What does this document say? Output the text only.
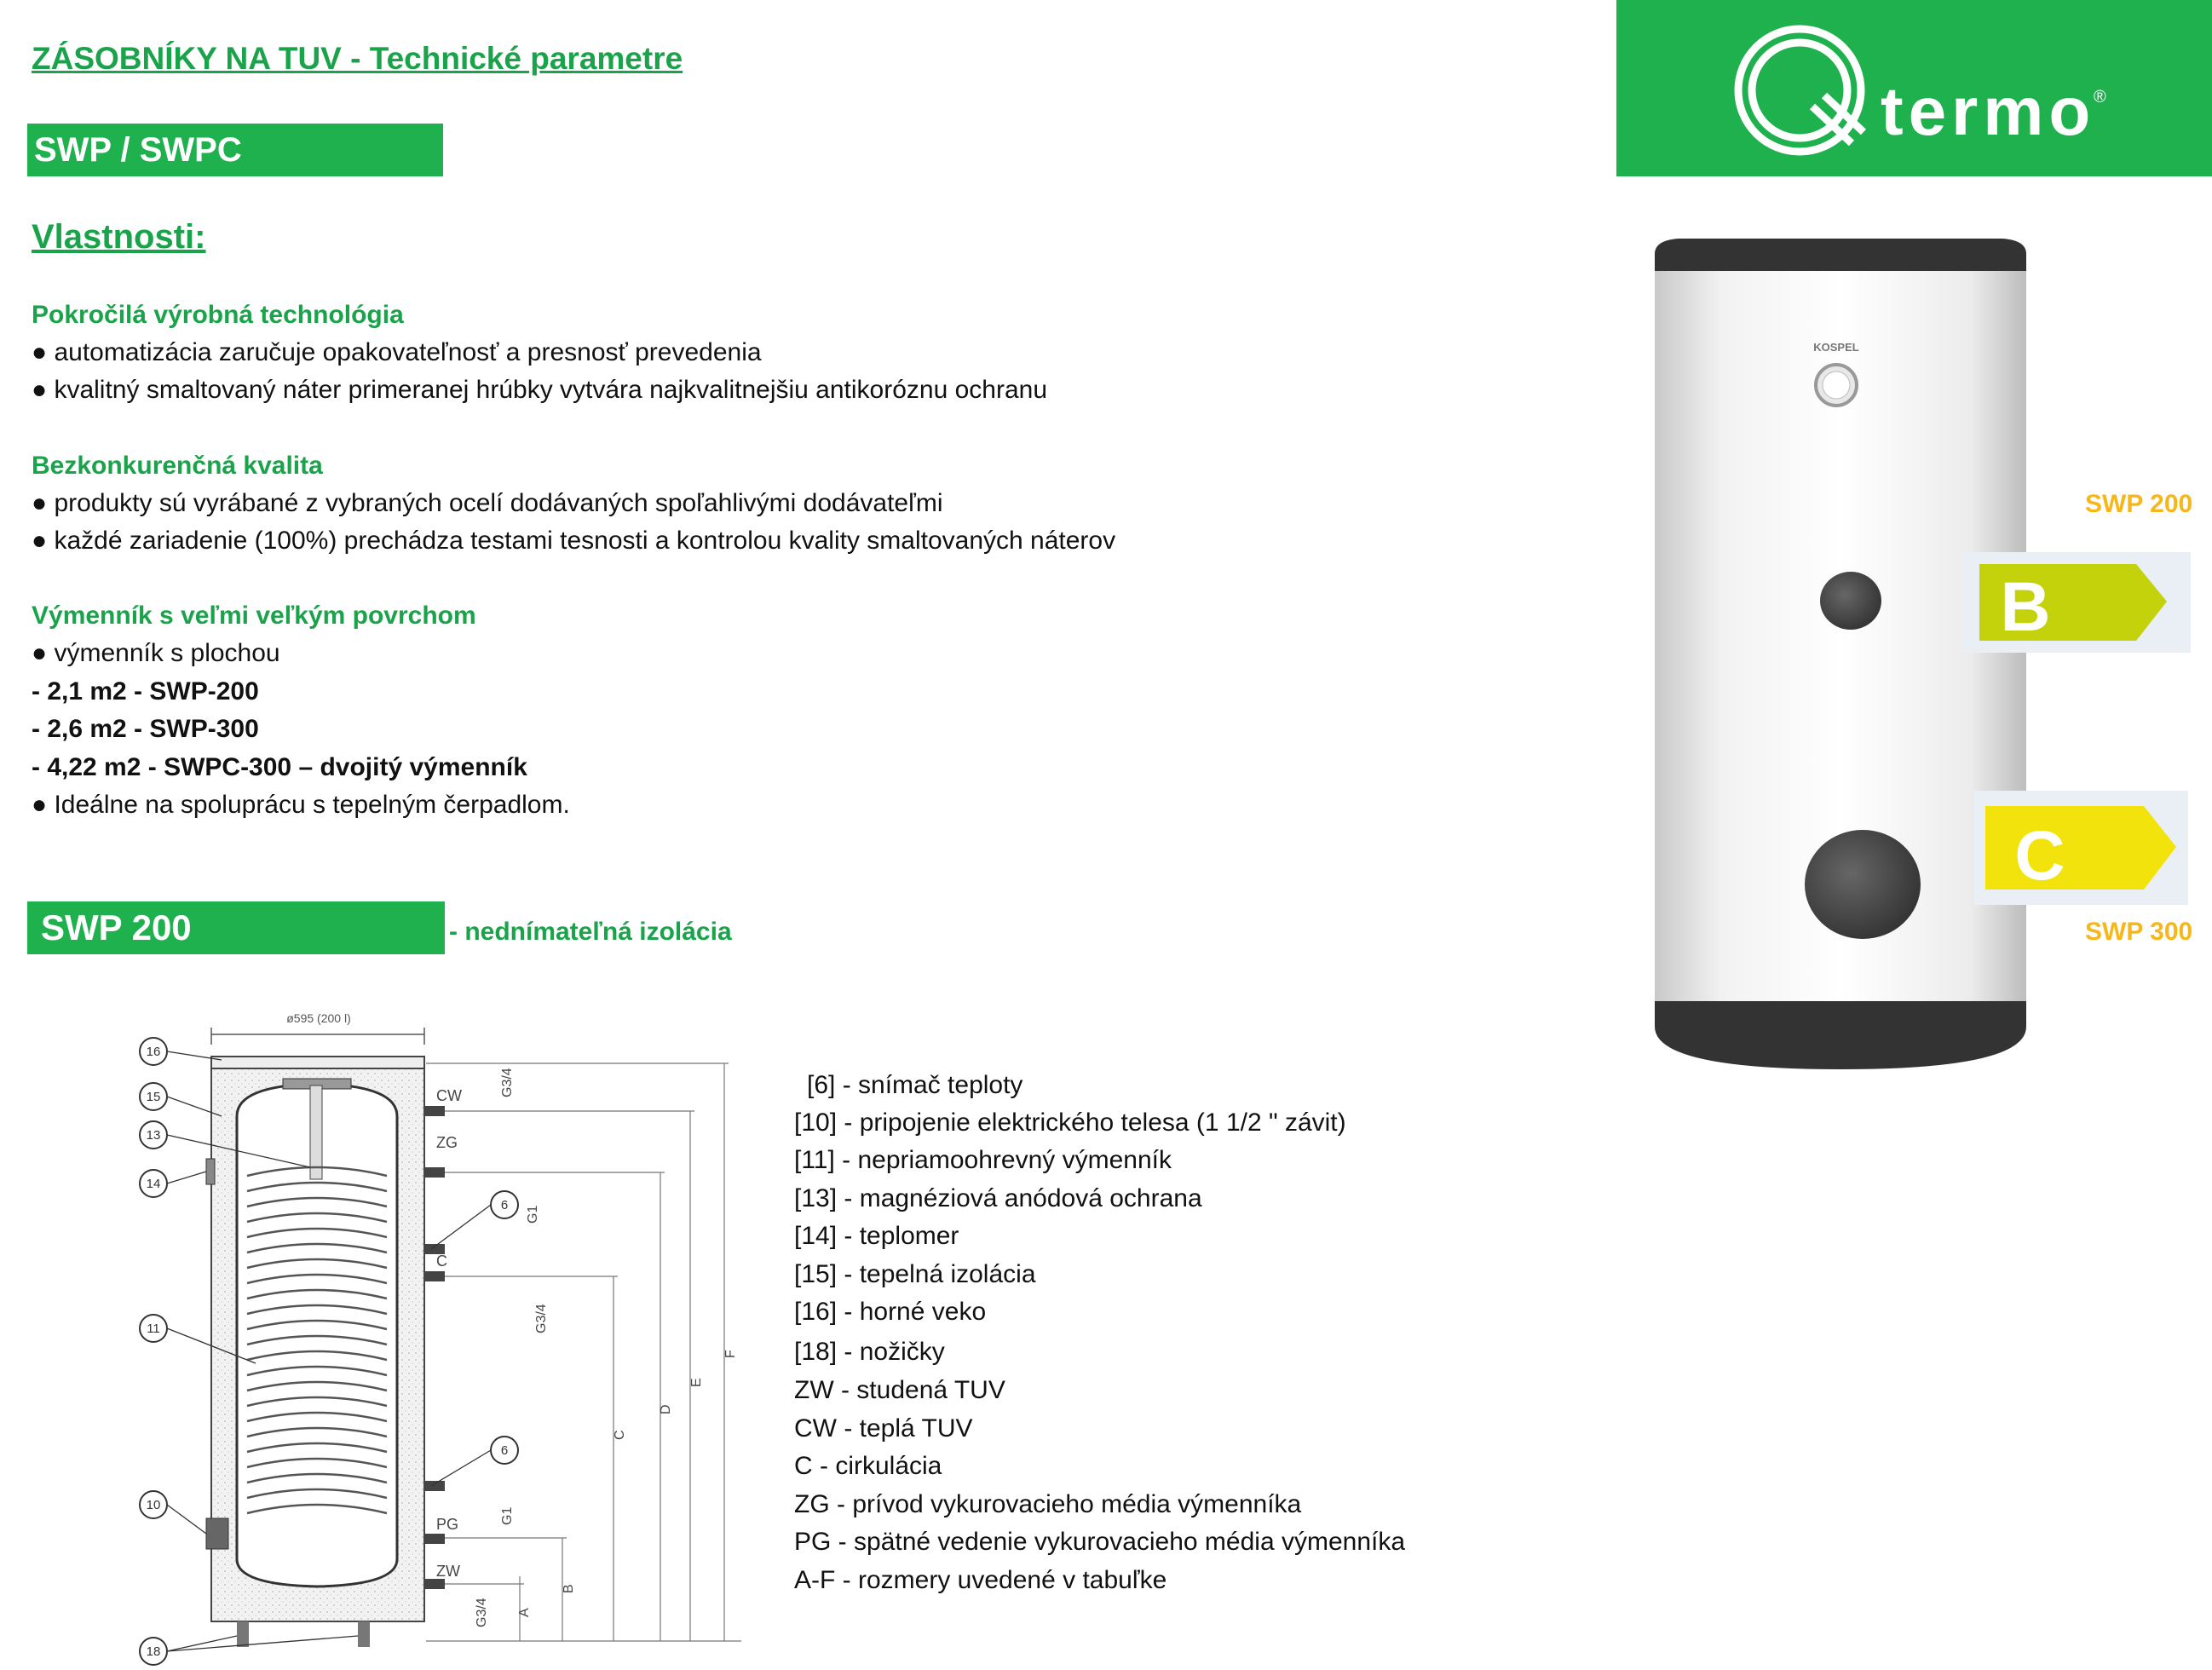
ZÁSOBNÍKY NA TUV - Technické parametre
SWP / SWPC
Vlastnosti:
Pokročilá výrobná technológia
● automatizácia zaručuje opakovateľnosť a presnosť prevedenia
● kvalitný smaltovaný náter primeranej hrúbky vytvára najkvalitnejšiu antikoróznu ochranu
Bezkonkurenčná kvalita
● produkty sú vyrábané z vybraných ocelí dodávaných spoľahlivými dodávateľmi
● každé zariadenie (100%) prechádza testami tesnosti a kontrolou kvality smaltovaných náterov
Výmenník s veľmi veľkým povrchom
● výmenník s plochou
- 2,1 m2 - SWP-200
- 2,6 m2 - SWP-300
- 4,22 m2 - SWPC-300 – dvojitý výmenník
● Ideálne na spoluprácu s tepelným čerpadlom.
SWP 200	- nednímateľná izolácia
[6] - snímač teploty
[10] - pripojenie elektrického telesa (1 1/2 " závit)
[11] - nepriamoohrevný výmenník
[13] - magnéziová anódová ochrana
[14] - teplomer
[15] - tepelná izolácia
[16] - horné veko
[18] - nožičky
ZW - studená TUV
CW - teplá TUV
C - cirkulácia
ZG - prívod vykurovacieho média výmenníka
PG - spätné vedenie vykurovacieho média výmenníka
A-F - rozmery uvedené v tabuľke
termo
®
KOSPEL
SWP 200
B
C
SWP 300
ø595 (200 l)
CW
ZG
C
PG
ZW
G3/4
G1
G3/4
G1
G3/4 A
B
C
D
E
F
16
15
13
14
11
10
18
6
6
